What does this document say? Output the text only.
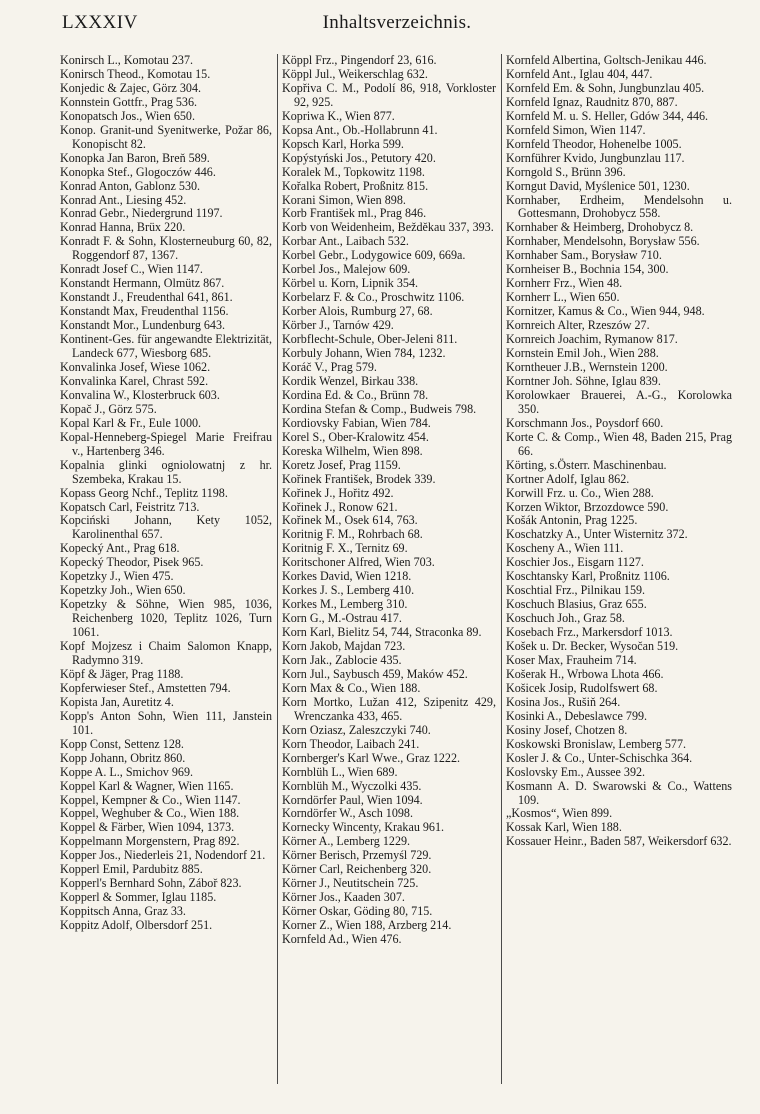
LXXXIV	Inhaltsverzeichnis.
Konirsch L., Komotau 237.
Konirsch Theod., Komotau 15.
Konjedic & Zajec, Görz 304.
Konnstein Gottfr., Prag 536.
Konopatsch Jos., Wien 650.
Konop. Granit-und Syenitwerke, Požar 86, Konopischt 82.
Konopka Jan Baron, Breň 589.
Konopka Stef., Glogoczów 446.
Konrad Anton, Gablonz 530.
Konrad Ant., Liesing 452.
Konrad Gebr., Niedergrund 1197.
Konrad Hanna, Brüx 220.
Konradt F. & Sohn, Klosterneuburg 60, 82, Roggendorf 87, 1367.
Konradt Josef C., Wien 1147.
Konstandt Hermann, Olmütz 867.
Konstandt J., Freudenthal 641, 861.
Konstandt Max, Freudenthal 1156.
Konstandt Mor., Lundenburg 643.
Kontinent-Ges. für angewandte Elektrizität, Landeck 677, Wiesborg 685.
Konvalinka Josef, Wiese 1062.
Konvalinka Karel, Chrast 592.
Konvalina W., Klosterbruck 603.
Kopač J., Görz 575.
Kopal Karl & Fr., Eule 1000.
Kopal-Henneberg-Spiegel Marie Freifrau v., Hartenberg 346.
Kopalnia glinki ogniolowatnj z hr. Szembeka, Krakau 15.
Kopass Georg Nchf., Teplitz 1198.
Kopatsch Carl, Feistritz 713.
Kopciński Johann, Kety 1052, Karolinenthal 657.
Kopecký Ant., Prag 618.
Kopecký Theodor, Pisek 965.
Kopetzky J., Wien 475.
Kopetzky Joh., Wien 650.
Kopetzky & Söhne, Wien 985, 1036, Reichenberg 1020, Teplitz 1026, Turn 1061.
Kopf Mojzesz i Chaim Salomon Knapp, Radymno 319.
Köpf & Jäger, Prag 1188.
Kopferwieser Stef., Amstetten 794.
Kopista Jan, Auretitz 4.
Kopp's Anton Sohn, Wien 111, Janstein 101.
Kopp Const, Settenz 128.
Kopp Johann, Obritz 860.
Koppe A. L., Smichov 969.
Koppel Karl & Wagner, Wien 1165.
Koppel, Kempner & Co., Wien 1147.
Koppel, Weghuber & Co., Wien 188.
Koppel & Färber, Wien 1094, 1373.
Koppelmann Morgenstern, Prag 892.
Kopper Jos., Niederleis 21, Nodendorf 21.
Kopperl Emil, Pardubitz 885.
Kopperl's Bernhard Sohn, Záboř 823.
Kopperl & Sommer, Iglau 1185.
Koppitsch Anna, Graz 33.
Koppitz Adolf, Olbersdorf 251.
Köppl Frz., Pingendorf 23, 616.
Köppl Jul., Weikerschlag 632.
Kopřiva C. M., Podolí 86, 918, Vorkloster 92, 925.
Kopriwa K., Wien 877.
Kopsa Ant., Ob.-Hollabrunn 41.
Kopsch Karl, Horka 599.
Kopýstyński Jos., Petutory 420.
Koralek M., Topkowitz 1198.
Kořalka Robert, Proßnitz 815.
Korani Simon, Wien 898.
Korb František ml., Prag 846.
Korb von Weidenheim, Bežděkau 337, 393.
Korbar Ant., Laibach 532.
Korbel Gebr., Lodygowice 609, 669a.
Korbel Jos., Malejow 609.
Körbel u. Korn, Lipnik 354.
Korbelarz F. & Co., Proschwitz 1106.
Korber Alois, Rumburg 27, 68.
Körber J., Tarnów 429.
Korbflecht-Schule, Ober-Jeleni 811.
Korbuly Johann, Wien 784, 1232.
Koráč V., Prag 579.
Kordik Wenzel, Birkau 338.
Kordina Ed. & Co., Brünn 78.
Kordina Stefan & Comp., Budweis 798.
Kordiovsky Fabian, Wien 784.
Korel S., Ober-Kralowitz 454.
Koreska Wilhelm, Wien 898.
Koretz Josef, Prag 1159.
Kořinek František, Brodek 339.
Kořinek J., Hořitz 492.
Kořinek J., Ronow 621.
Kořinek M., Osek 614, 763.
Koritnig F. M., Rohrbach 68.
Koritnig F. X., Ternitz 69.
Koritschoner Alfred, Wien 703.
Korkes David, Wien 1218.
Korkes J. S., Lemberg 410.
Korkes M., Lemberg 310.
Korn G., M.-Ostrau 417.
Korn Karl, Bielitz 54, 744, Straconka 89.
Korn Jakob, Majdan 723.
Korn Jak., Zablocie 435.
Korn Jul., Saybusch 459, Maków 452.
Korn Max & Co., Wien 188.
Korn Mortko, Lužan 412, Szipenitz 429, Wrenczanka 433, 465.
Korn Oziasz, Zaleszczyki 740.
Korn Theodor, Laibach 241.
Kornberger's Karl Wwe., Graz 1222.
Kornblüh L., Wien 689.
Kornblüh M., Wyczolki 435.
Korndörfer Paul, Wien 1094.
Korndörfer W., Asch 1098.
Kornecky Wincenty, Krakau 961.
Körner A., Lemberg 1229.
Körner Berisch, Przemyśl 729.
Körner Carl, Reichenberg 320.
Körner J., Neutitschein 725.
Körner Jos., Kaaden 307.
Körner Oskar, Göding 80, 715.
Korner Z., Wien 188, Arzberg 214.
Kornfeld Ad., Wien 476.
Kornfeld Albertina, Goltsch-Jenikau 446.
Kornfeld Ant., Iglau 404, 447.
Kornfeld Em. & Sohn, Jungbunzlau 405.
Kornfeld Ignaz, Raudnitz 870, 887.
Kornfeld M. u. S. Heller, Gdów 344, 446.
Kornfeld Simon, Wien 1147.
Kornfeld Theodor, Hohenelbe 1005.
Kornführer Kvido, Jungbunzlau 117.
Korngold S., Brünn 396.
Korngut David, Myślenice 501, 1230.
Kornhaber, Erdheim, Mendelsohn u. Gottesmann, Drohobycz 558.
Kornhaber & Heimberg, Drohobycz 8.
Kornhaber, Mendelsohn, Borysław 556.
Kornhaber Sam., Borysław 710.
Kornheiser B., Bochnia 154, 300.
Kornherr Frz., Wien 48.
Kornherr L., Wien 650.
Kornitzer, Kamus & Co., Wien 944, 948.
Kornreich Alter, Rzeszów 27.
Kornreich Joachim, Rymanow 817.
Kornstein Emil Joh., Wien 288.
Korntheuer J.B., Wernstein 1200.
Korntner Joh. Söhne, Iglau 839.
Korolowkaer Brauerei, A.-G., Korolowka 350.
Korschmann Jos., Poysdorf 660.
Korte C. & Comp., Wien 48, Baden 215, Prag 66.
Körting, s.Österr. Maschinenbau.
Kortner Adolf, Iglau 862.
Korwill Frz. u. Co., Wien 288.
Korzen Wiktor, Brzozdowce 590.
Košák Antonin, Prag 1225.
Koschatzky A., Unter Wisternitz 372.
Koscheny A., Wien 111.
Koschier Jos., Eisgarn 1127.
Koschtansky Karl, Proßnitz 1106.
Koschtial Frz., Pilnikau 159.
Koschuch Blasius, Graz 655.
Koschuch Joh., Graz 58.
Kosebach Frz., Markersdorf 1013.
Košek u. Dr. Becker, Wysočan 519.
Koser Max, Frauheim 714.
Košerak H., Wrbowa Lhota 466.
Košicek Josip, Rudolfswert 68.
Kosina Jos., Rušiň 264.
Kosinki A., Debeslawce 799.
Kosiny Josef, Chotzen 8.
Koskowski Bronislaw, Lemberg 577.
Kosler J. & Co., Unter-Schischka 364.
Koslovsky Em., Aussee 392.
Kosmann A. D. Swarowski & Co., Wattens 109.
„Kosmos“, Wien 899.
Kossak Karl, Wien 188.
Kossauer Heinr., Baden 587, Weikersdorf 632.
